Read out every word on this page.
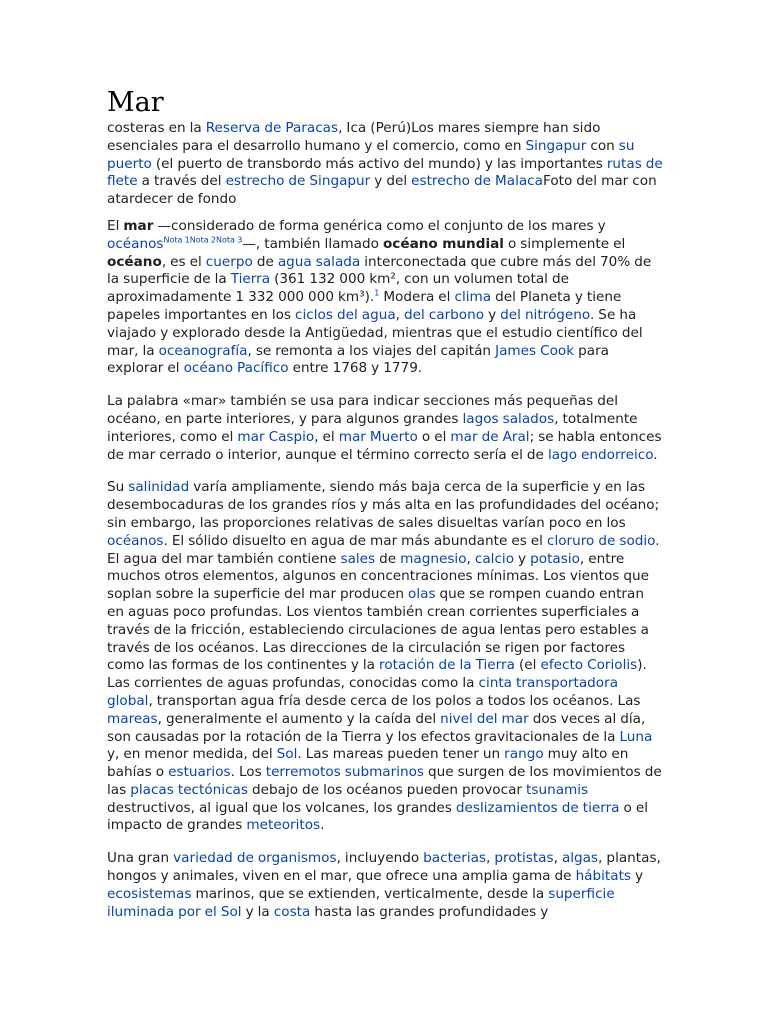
Mar

costeras en la Reserva de Paracas, Ica (Perú)Los mares siempre han sido esenciales para el desarrollo humano y el comercio, como en Singapur con su puerto (el puerto de transbordo más activo del mundo) y las importantes rutas de flete a través del estrecho de Singapur y del estrecho de MalacaFoto del mar con atardecer de fondo

El mar —considerado de forma genérica como el conjunto de los mares y océanos$^{Nota 1Nota 2Nota 3}$—, también llamado océano mundial o simplemente el océano, es el cuerpo de agua salada interconectada que cubre más del 70% de la superficie de la Tierra (361 132 000 km², con un volumen total de aproximadamente 1 332 000 000 km³).$^1$ Modera el clima del Planeta y tiene papeles importantes en los ciclos del agua, del carbono y del nitrógeno. Se ha viajado y explorado desde la Antigüedad, mientras que el estudio científico del mar, la oceanografía, se remonta a los viajes del capitán James Cook para explorar el océano Pacífico entre 1768 y 1779.

La palabra «mar» también se usa para indicar secciones más pequeñas del océano, en parte interiores, y para algunos grandes lagos salados, totalmente interiores, como el mar Caspio, el mar Muerto o el mar de Aral; se habla entonces de mar cerrado o interior, aunque el término correcto sería el de lago endorreico.

Su salinidad varía ampliamente, siendo más baja cerca de la superficie y en las desembocaduras de los grandes ríos y más alta en las profundidades del océano; sin embargo, las proporciones relativas de sales disueltas varían poco en los océanos. El sólido disuelto en agua de mar más abundante es el cloruro de sodio. El agua del mar también contiene sales de magnesio, calcio y potasio, entre muchos otros elementos, algunos en concentraciones mínimas. Los vientos que soplan sobre la superficie del mar producen olas que se rompen cuando entran en aguas poco profundas. Los vientos también crean corrientes superficiales a través de la fricción, estableciendo circulaciones de agua lentas pero estables a través de los océanos. Las direcciones de la circulación se rigen por factores como las formas de los continentes y la rotación de la Tierra (el efecto Coriolis). Las corrientes de aguas profundas, conocidas como la cinta transportadora global, transportan agua fría desde cerca de los polos a todos los océanos. Las mareas, generalmente el aumento y la caída del nivel del mar dos veces al día, son causadas por la rotación de la Tierra y los efectos gravitacionales de la Luna y, en menor medida, del Sol. Las mareas pueden tener un rango muy alto en bahías o estuarios. Los terremotos submarinos que surgen de los movimientos de las placas tectónicas debajo de los océanos pueden provocar tsunamis destructivos, al igual que los volcanes, los grandes deslizamientos de tierra o el impacto de grandes meteoritos.

Una gran variedad de organismos, incluyendo bacterias, protistas, algas, plantas, hongos y animales, viven en el mar, que ofrece una amplia gama de hábitats y ecosistemas marinos, que se extienden, verticalmente, desde la superficie iluminada por el Sol y la costa hasta las grandes profundidades y
